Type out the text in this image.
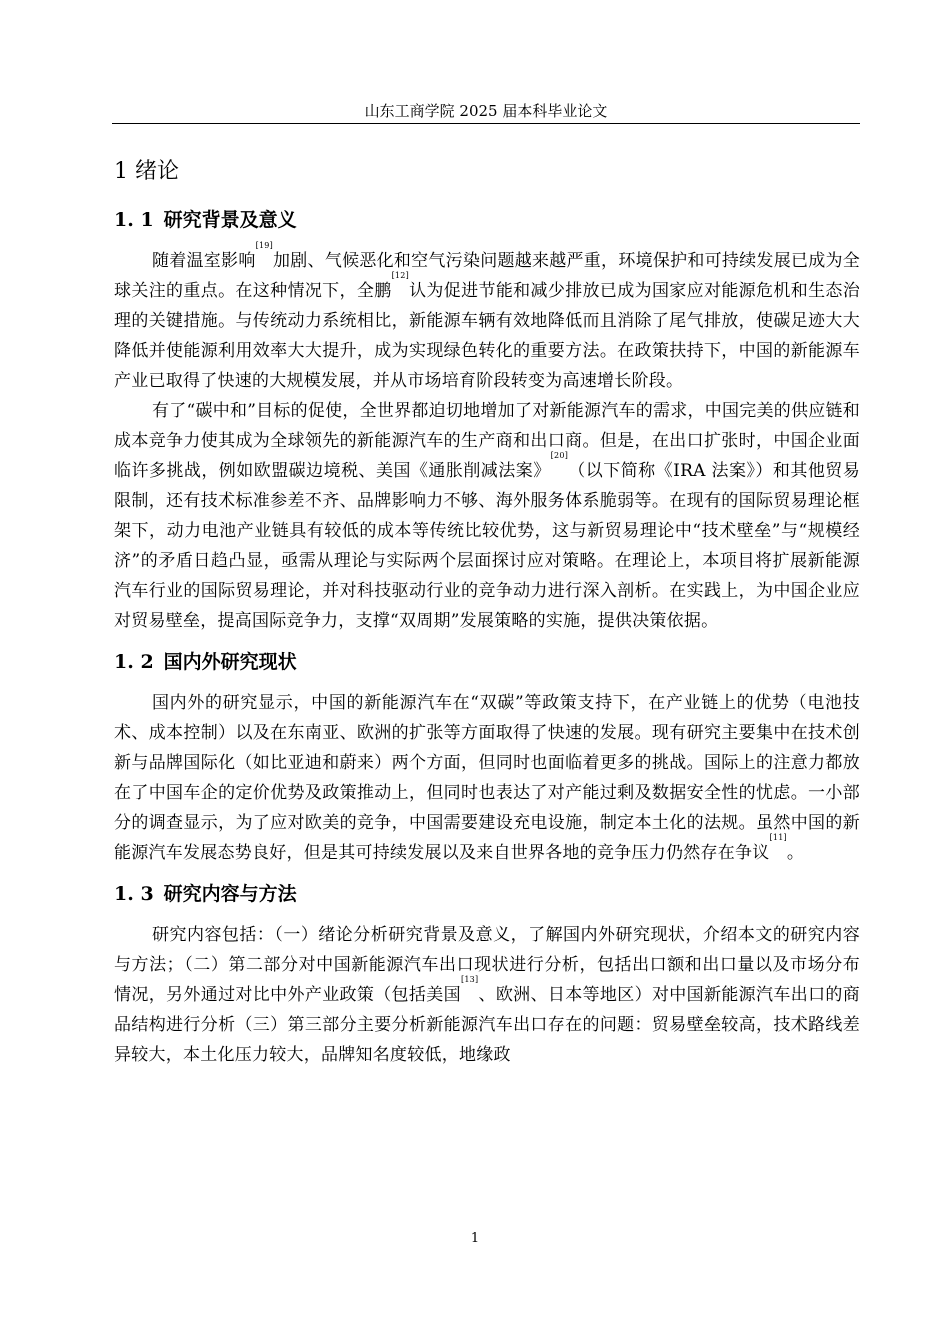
山东工商学院 2025 届本科毕业论文
1 绪论
1. 1 研究背景及意义

随着温室影响[19]加剧、气候恶化和空气污染问题越来越严重，环境保护和可持续发展已成为全球关注的重点。在这种情况下，全鹏[12]认为促进节能和减少排放已成为国家应对能源危机和生态治理的关键措施。与传统动力系统相比，新能源车辆有效地降低而且消除了尾气排放，使碳足迹大大降低并使能源利用效率大大提升，成为实现绿色转化的重要方法。在政策扶持下，中国的新能源车产业已取得了快速的大规模发展，并从市场培育阶段转变为高速增长阶段。

有了“碳中和”目标的促使，全世界都迫切地增加了对新能源汽车的需求，中国完美的供应链和成本竞争力使其成为全球领先的新能源汽车的生产商和出口商。但是，在出口扩张时，中国企业面临许多挑战，例如欧盟碳边境税、美国《通胀削减法案》[20]（以下简称《IRA 法案》）和其他贸易限制，还有技术标准参差不齐、品牌影响力不够、海外服务体系脆弱等。在现有的国际贸易理论框架下，动力电池产业链具有较低的成本等传统比较优势，这与新贸易理论中“技术壁垒”与“规模经济”的矛盾日趋凸显，亟需从理论与实际两个层面探讨应对策略。在理论上，本项目将扩展新能源汽车行业的国际贸易理论，并对科技驱动行业的竞争动力进行深入剖析。在实践上，为中国企业应对贸易壁垒，提高国际竞争力，支撑“双周期”发展策略的实施，提供决策依据。

1. 2 国内外研究现状

国内外的研究显示，中国的新能源汽车在“双碳”等政策支持下，在产业链上的优势（电池技术、成本控制）以及在东南亚、欧洲的扩张等方面取得了快速的发展。现有研究主要集中在技术创新与品牌国际化（如比亚迪和蔚来）两个方面，但同时也面临着更多的挑战。国际上的注意力都放在了中国车企的定价优势及政策推动上，但同时也表达了对产能过剩及数据安全性的忧虑。一小部分的调查显示，为了应对欧美的竞争，中国需要建设充电设施，制定本土化的法规。虽然中国的新能源汽车发展态势良好，但是其可持续发展以及来自世界各地的竞争压力仍然存在争议[11]。

1. 3 研究内容与方法

研究内容包括：（一）绪论分析研究背景及意义，了解国内外研究现状，介绍本文的研究内容与方法；（二）第二部分对中国新能源汽车出口现状进行分析，包括出口额和出口量以及市场分布情况，另外通过对比中外产业政策（包括美国[13]、欧洲、日本等地区）对中国新能源汽车出口的商品结构进行分析（三）第三部分主要分析新能源汽车出口存在的问题：贸易壁垒较高，技术路线差异较大，本土化压力较大，品牌知名度较低，地缘政

1
